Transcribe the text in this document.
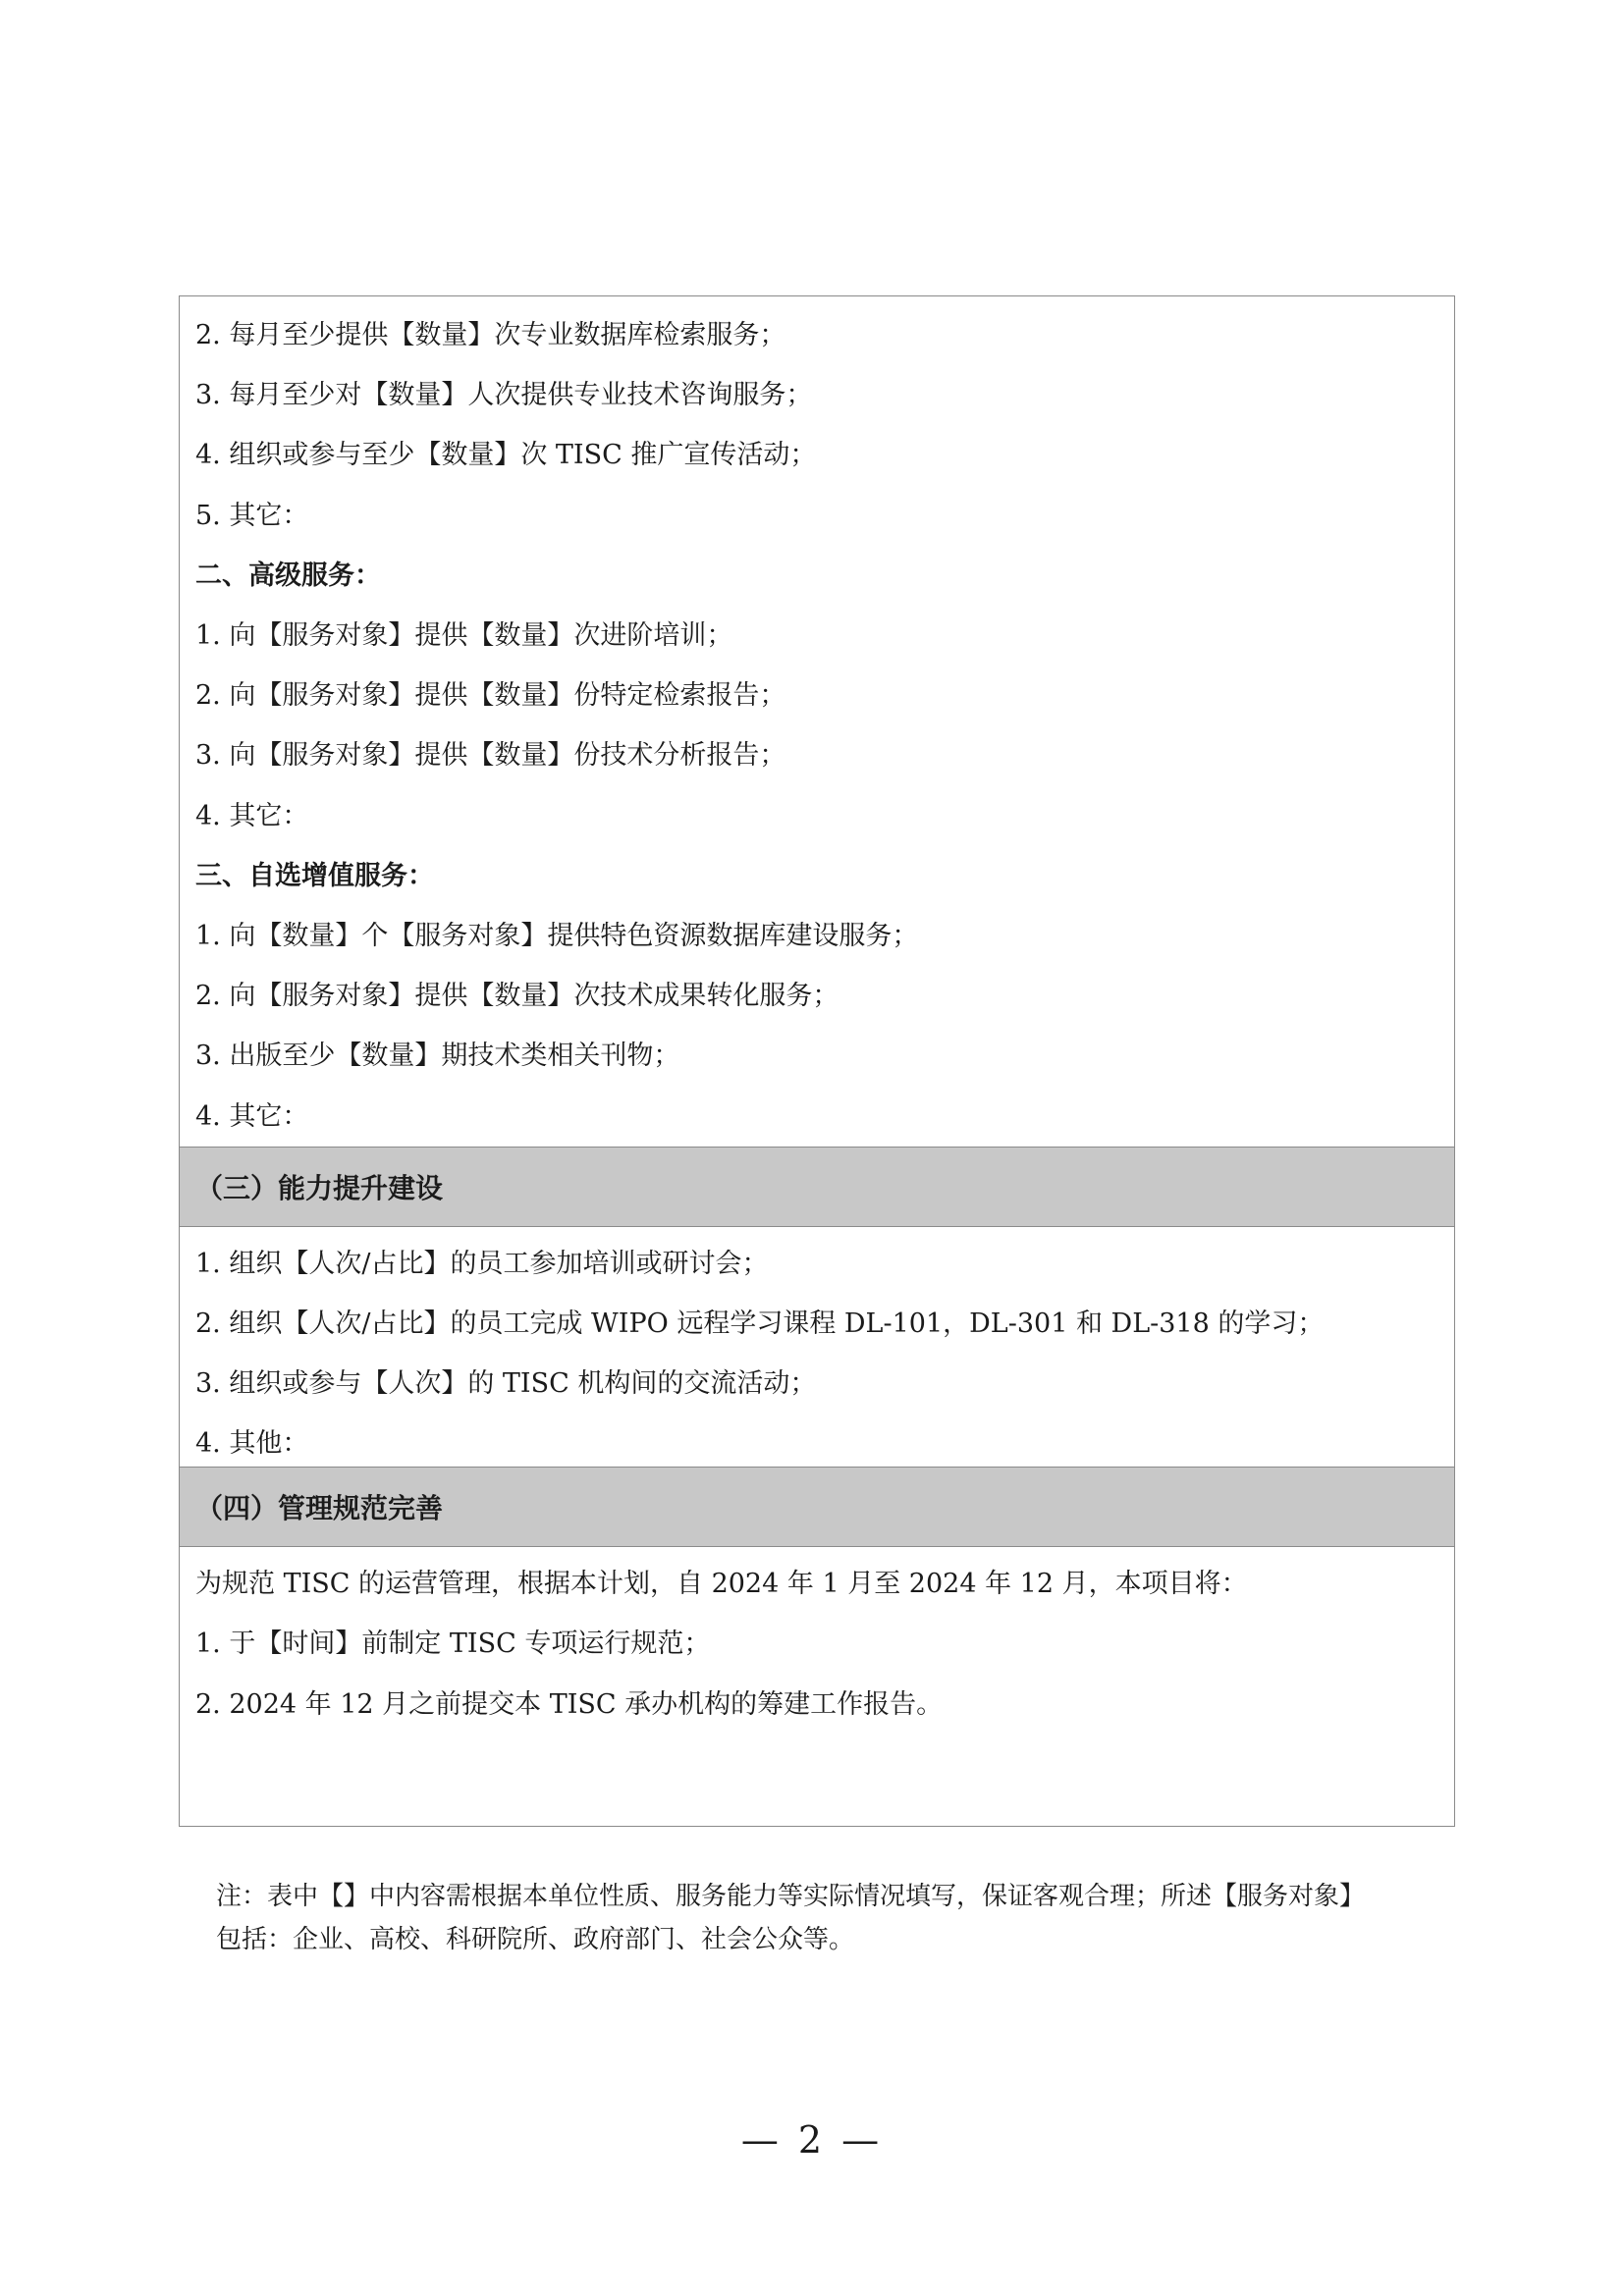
2. 每月至少提供【数量】次专业数据库检索服务；
3. 每月至少对【数量】人次提供专业技术咨询服务；
4. 组织或参与至少【数量】次 TISC 推广宣传活动；
5. 其它：
二、高级服务：
1. 向【服务对象】提供【数量】次进阶培训；
2. 向【服务对象】提供【数量】份特定检索报告；
3. 向【服务对象】提供【数量】份技术分析报告；
4. 其它：
三、自选增值服务：
1. 向【数量】个【服务对象】提供特色资源数据库建设服务；
2. 向【服务对象】提供【数量】次技术成果转化服务；
3. 出版至少【数量】期技术类相关刊物；
4. 其它：
（三）能力提升建设
1. 组织【人次/占比】的员工参加培训或研讨会；
2. 组织【人次/占比】的员工完成 WIPO 远程学习课程 DL-101，DL-301 和 DL-318 的学习；
3. 组织或参与【人次】的 TISC 机构间的交流活动；
4. 其他：
（四）管理规范完善
为规范 TISC 的运营管理，根据本计划，自 2024 年 1 月至 2024 年 12 月，本项目将：
1. 于【时间】前制定 TISC 专项运行规范；
2. 2024 年 12 月之前提交本 TISC 承办机构的筹建工作报告。
注：表中【】中内容需根据本单位性质、服务能力等实际情况填写，保证客观合理；所述【服务对象】
包括：企业、高校、科研院所、政府部门、社会公众等。
— 2 —
